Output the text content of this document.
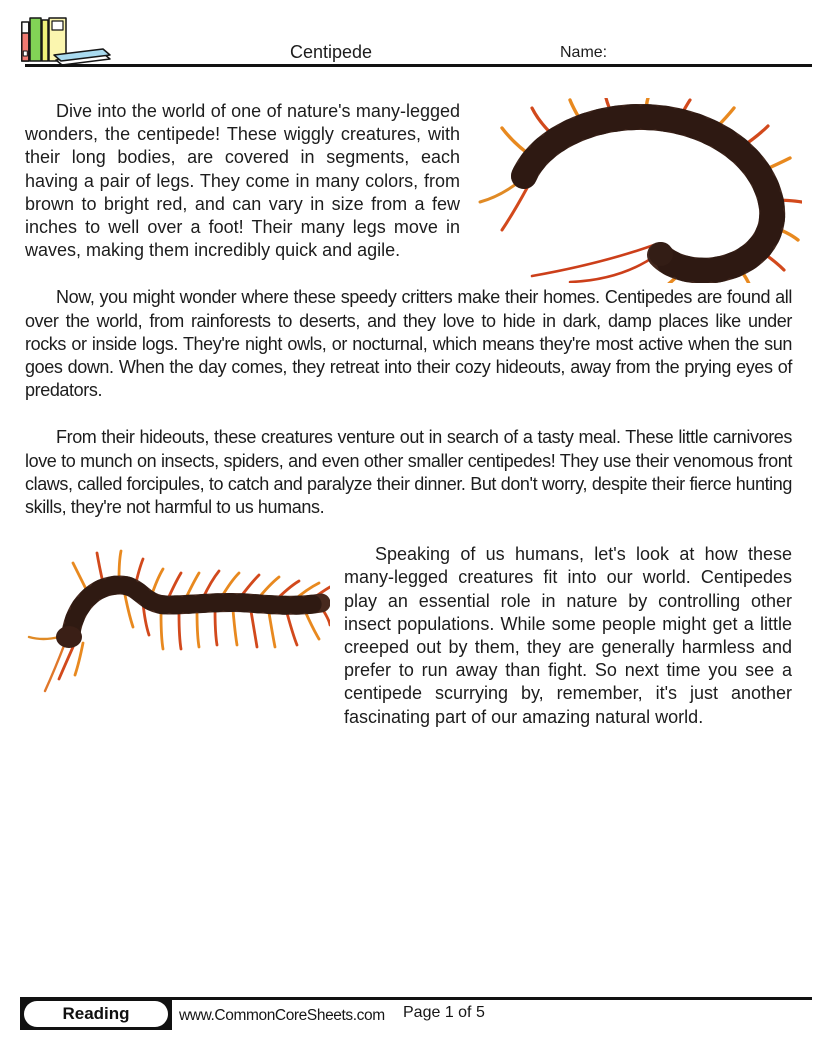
Centipede	Name:

Dive into the world of one of nature's many-legged wonders, the centipede! These wiggly creatures, with their long bodies, are covered in segments, each having a pair of legs. They come in many colors, from brown to bright red, and can vary in size from a few inches to well over a foot! Their many legs move in waves, making them incredibly quick and agile.

Now, you might wonder where these speedy critters make their homes. Centipedes are found all over the world, from rainforests to deserts, and they love to hide in dark, damp places like under rocks or inside logs. They're night owls, or nocturnal, which means they're most active when the sun goes down. When the day comes, they retreat into their cozy hideouts, away from the prying eyes of predators.

From their hideouts, these creatures venture out in search of a tasty meal. These little carnivores love to munch on insects, spiders, and even other smaller centipedes! They use their venomous front claws, called forcipules, to catch and paralyze their dinner. But don't worry, despite their fierce hunting skills, they're not harmful to us humans.

Speaking of us humans, let's look at how these many-legged creatures fit into our world. Centipedes play an essential role in nature by controlling other insect populations. While some people might get a little creeped out by them, they are generally harmless and prefer to run away than fight. So next time you see a centipede scurrying by, remember, it's just another fascinating part of our amazing natural world.

Reading	www.CommonCoreSheets.com Page 1 of 5
